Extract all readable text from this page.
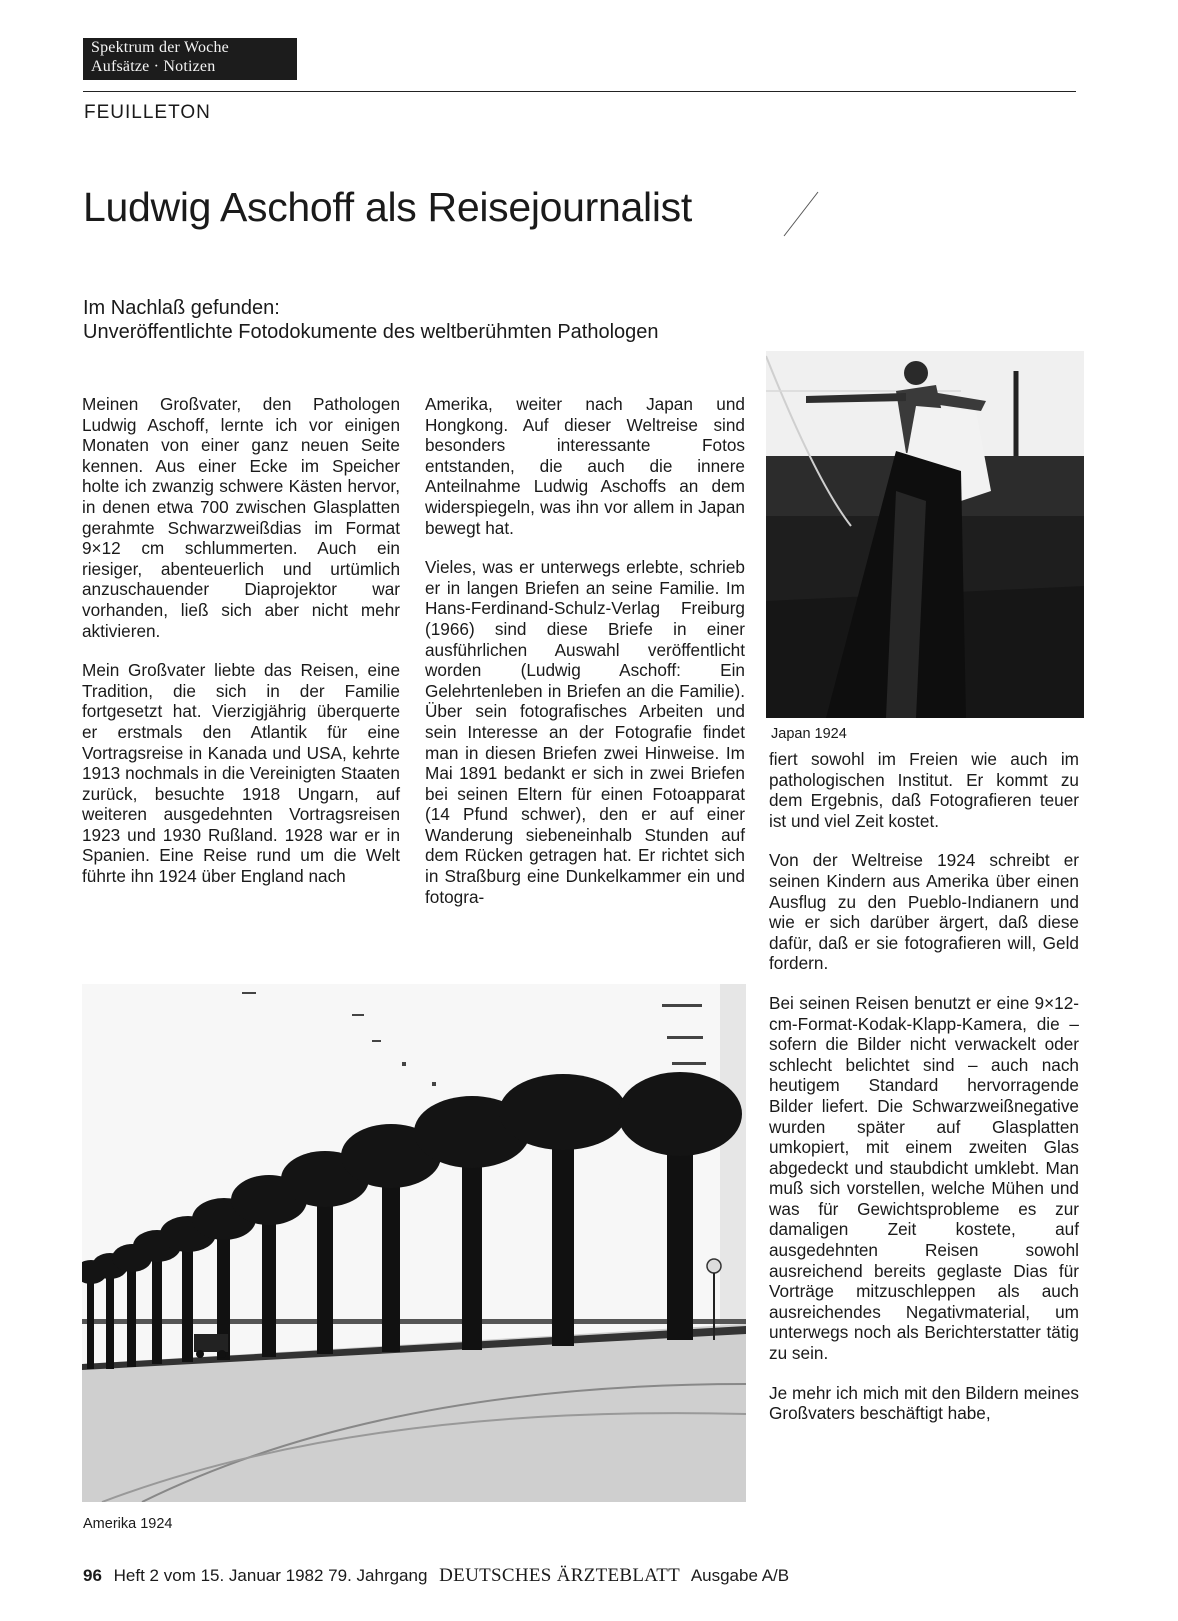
Spektrum der Woche
Aufsätze · Notizen
FEUILLETON
Ludwig Aschoff als Reisejournalist
Im Nachlaß gefunden:
Unveröffentlichte Fotodokumente des weltberühmten Pathologen

Meinen Großvater, den Pathologen Ludwig Aschoff, lernte ich vor einigen Monaten von einer ganz neuen Seite kennen. Aus einer Ecke im Speicher holte ich zwanzig schwere Kästen hervor, in denen etwa 700 zwischen Glasplatten gerahmte Schwarzweißdias im Format 9×12 cm schlummerten. Auch ein riesiger, abenteuerlich und urtümlich anzuschauender Diaprojektor war vorhanden, ließ sich aber nicht mehr aktivieren.

Mein Großvater liebte das Reisen, eine Tradition, die sich in der Familie fortgesetzt hat. Vierzigjährig überquerte er erstmals den Atlantik für eine Vortragsreise in Kanada und USA, kehrte 1913 nochmals in die Vereinigten Staaten zurück, besuchte 1918 Ungarn, auf weiteren ausgedehnten Vortragsreisen 1923 und 1930 Rußland. 1928 war er in Spanien. Eine Reise rund um die Welt führte ihn 1924 über England nach

Amerika, weiter nach Japan und Hongkong. Auf dieser Weltreise sind besonders interessante Fotos entstanden, die auch die innere Anteilnahme Ludwig Aschoffs an dem widerspiegeln, was ihn vor allem in Japan bewegt hat.

Vieles, was er unterwegs erlebte, schrieb er in langen Briefen an seine Familie. Im Hans-Ferdinand-Schulz-Verlag Freiburg (1966) sind diese Briefe in einer ausführlichen Auswahl veröffentlicht worden (Ludwig Aschoff: Ein Gelehrtenleben in Briefen an die Familie). Über sein fotografisches Arbeiten und sein Interesse an der Fotografie findet man in diesen Briefen zwei Hinweise. Im Mai 1891 bedankt er sich in zwei Briefen bei seinen Eltern für einen Fotoapparat (14 Pfund schwer), den er auf einer Wanderung siebeneinhalb Stunden auf dem Rücken getragen hat. Er richtet sich in Straßburg eine Dunkelkammer ein und fotogra-

Japan 1924

fiert sowohl im Freien wie auch im pathologischen Institut. Er kommt zu dem Ergebnis, daß Fotografieren teuer ist und viel Zeit kostet.

Von der Weltreise 1924 schreibt er seinen Kindern aus Amerika über einen Ausflug zu den Pueblo-Indianern und wie er sich darüber ärgert, daß diese dafür, daß er sie fotografieren will, Geld fordern.

Bei seinen Reisen benutzt er eine 9×12-cm-Format-Kodak-Klapp-Kamera, die – sofern die Bilder nicht verwackelt oder schlecht belichtet sind – auch nach heutigem Standard hervorragende Bilder liefert. Die Schwarzweißnegative wurden später auf Glasplatten umkopiert, mit einem zweiten Glas abgedeckt und staubdicht umklebt. Man muß sich vorstellen, welche Mühen und was für Gewichtsprobleme es zur damaligen Zeit kostete, auf ausgedehnten Reisen sowohl ausreichend bereits geglaste Dias für Vorträge mitzuschleppen als auch ausreichendes Negativmaterial, um unterwegs noch als Berichterstatter tätig zu sein.

Je mehr ich mich mit den Bildern meines Großvaters beschäftigt habe,

Amerika 1924
96 Heft 2 vom 15. Januar 1982 79. Jahrgang DEUTSCHES ÄRZTEBLATT Ausgabe A/B
